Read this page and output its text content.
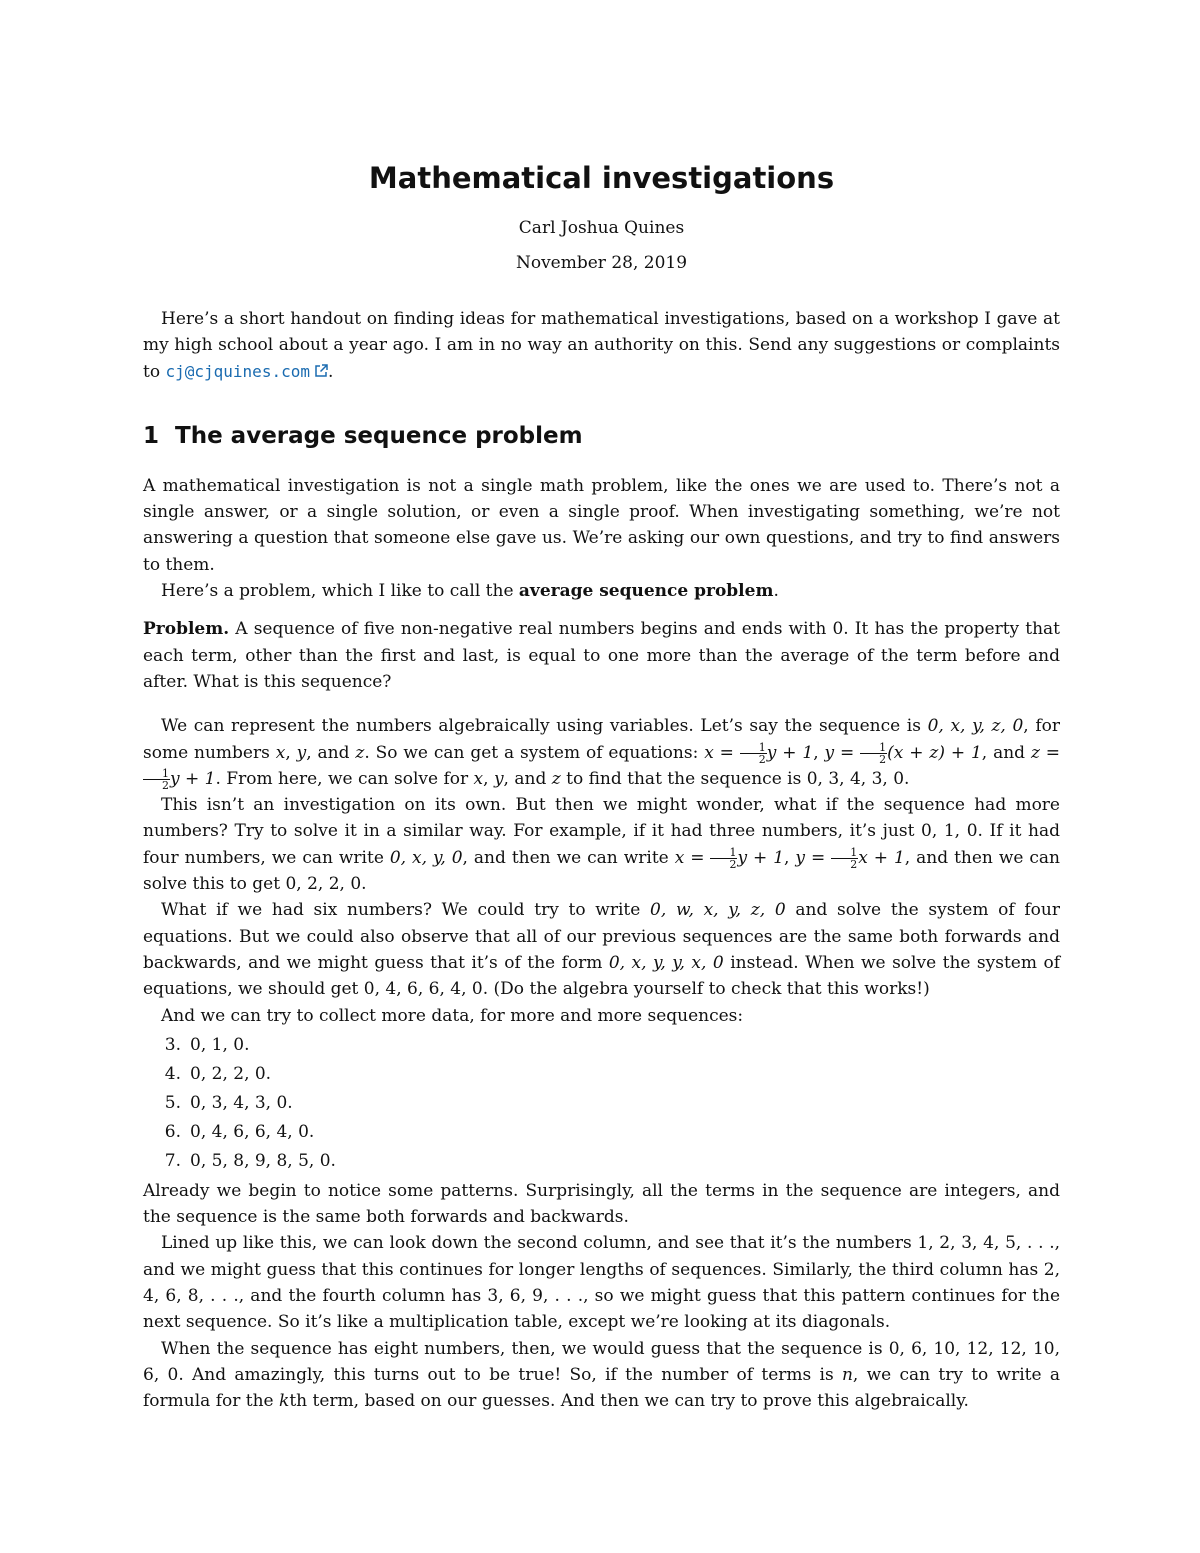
Mathematical investigations
Carl Joshua Quines
November 28, 2019

Here’s a short handout on finding ideas for mathematical investigations, based on a workshop I gave at my high school about a year ago. I am in no way an authority on this. Send any suggestions or complaints to cj@cjquines.com .

1 The average sequence problem

A mathematical investigation is not a single math problem, like the ones we are used to. There’s not a single answer, or a single solution, or even a single proof. When investigating something, we’re not answering a question that someone else gave us. We’re asking our own questions, and try to find answers to them.

Here’s a problem, which I like to call the average sequence problem.

Problem. A sequence of five non-negative real numbers begins and ends with 0. It has the property that each term, other than the first and last, is equal to one more than the average of the term before and after. What is this sequence?

We can represent the numbers algebraically using variables. Let’s say the sequence is 0, x, y, z, 0, for some numbers x, y, and z. So we can get a system of equations: $x = \frac{1}{2}$ y + 1, $y = \frac{1}{2} (x + z) + 1$, and z =
$\frac{1}{2}$ y + 1. From here, we can solve for x, y, and z to find that the sequence is 0, 3, 4, 3, 0.

This isn’t an investigation on its own. But then we might wonder, what if the sequence had more numbers? Try to solve it in a similar way. For example, if it had three numbers, it’s just 0, 1, 0. If it had four numbers, we can write 0, x, y, 0, and then we can write $x = \frac{1}{2}$ y + 1, $y = \frac{1}{2}$ x + 1, and then we can solve this to get 0, 2, 2, 0.

What if we had six numbers? We could try to write 0, w, x, y, z, 0 and solve the system of four equations. But we could also observe that all of our previous sequences are the same both forwards and backwards, and we might guess that it’s of the form 0, x, y, y, x, 0 instead. When we solve the system of equations, we should get 0, 4, 6, 6, 4, 0. (Do the algebra yourself to check that this works!)

And we can try to collect more data, for more and more sequences:

3. 0, 1, 0.
4. 0, 2, 2, 0.
5. 0, 3, 4, 3, 0.
6. 0, 4, 6, 6, 4, 0.
7. 0, 5, 8, 9, 8, 5, 0.

Already we begin to notice some patterns. Surprisingly, all the terms in the sequence are integers, and the sequence is the same both forwards and backwards.

Lined up like this, we can look down the second column, and see that it’s the numbers 1, 2, 3, 4, 5, . . ., and we might guess that this continues for longer lengths of sequences. Similarly, the third column has 2, 4, 6, 8, . . ., and the fourth column has 3, 6, 9, . . ., so we might guess that this pattern continues for the next sequence. So it’s like a multiplication table, except we’re looking at its diagonals.

When the sequence has eight numbers, then, we would guess that the sequence is 0, 6, 10, 12, 12, 10, 6, 0. And amazingly, this turns out to be true! So, if the number of terms is n, we can try to write a formula for the kth term, based on our guesses. And then we can try to prove this algebraically.
